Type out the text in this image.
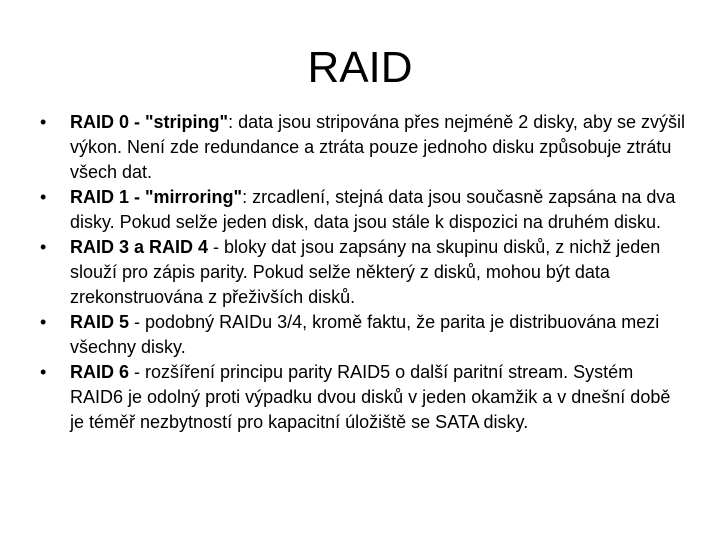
RAID
• RAID 0 - "striping": data jsou stripována přes nejméně 2 disky, aby se zvýšil výkon. Není zde redundance a ztráta pouze jednoho disku způsobuje ztrátu všech dat.
• RAID 1 - "mirroring": zrcadlení, stejná data jsou současně zapsána na dva disky. Pokud selže jeden disk, data jsou stále k dispozici na druhém disku.
• RAID 3 a RAID 4 - bloky dat jsou zapsány na skupinu disků, z nichž jeden slouží pro zápis parity. Pokud selže některý z disků, mohou být data zrekonstruována z přeživších disků.
• RAID 5 - podobný RAIDu 3/4, kromě faktu, že parita je distribuována mezi všechny disky.
• RAID 6 - rozšíření principu parity RAID5 o další paritní stream. Systém RAID6 je odolný proti výpadku dvou disků v jeden okamžik a v dnešní době je téměř nezbytností pro kapacitní úložiště se SATA disky.
